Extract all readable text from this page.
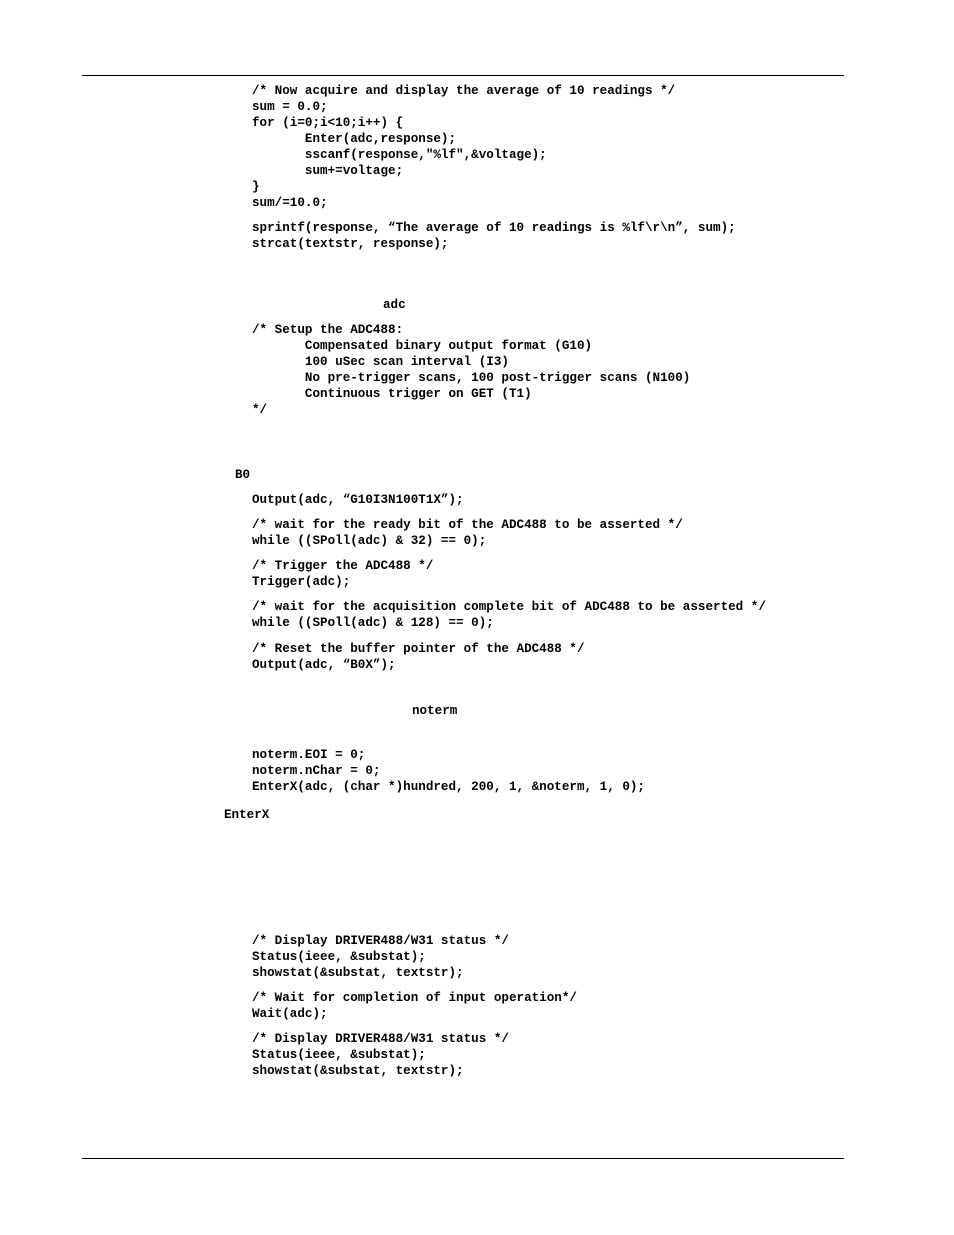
/* Now acquire and display the average of 10 readings */
sum = 0.0;
for (i=0;i<10;i++) {
Enter(adc,response);
sscanf(response,"%lf",&voltage);
sum+=voltage;
}
sum/=10.0;
sprintf(response, “The average of 10 readings is %lf\r\n”, sum);
strcat(textstr, response);
adc
/* Setup the ADC488:
Compensated binary output format (G10)
100 uSec scan interval (I3)
No pre-trigger scans, 100 post-trigger scans (N100)
Continuous trigger on GET (T1)
*/
B0
Output(adc, “G10I3N100T1X”);
/* wait for the ready bit of the ADC488 to be asserted */
while ((SPoll(adc) & 32) == 0);
/* Trigger the ADC488 */
Trigger(adc);
/* wait for the acquisition complete bit of ADC488 to be asserted */
while ((SPoll(adc) & 128) == 0);
/* Reset the buffer pointer of the ADC488 */
Output(adc, “B0X”);
noterm
noterm.EOI = 0;
noterm.nChar = 0;
EnterX(adc, (char *)hundred, 200, 1, &noterm, 1, 0);
EnterX
/* Display DRIVER488/W31 status */
Status(ieee, &substat);
showstat(&substat, textstr);
/* Wait for completion of input operation*/
Wait(adc);
/* Display DRIVER488/W31 status */
Status(ieee, &substat);
showstat(&substat, textstr);
